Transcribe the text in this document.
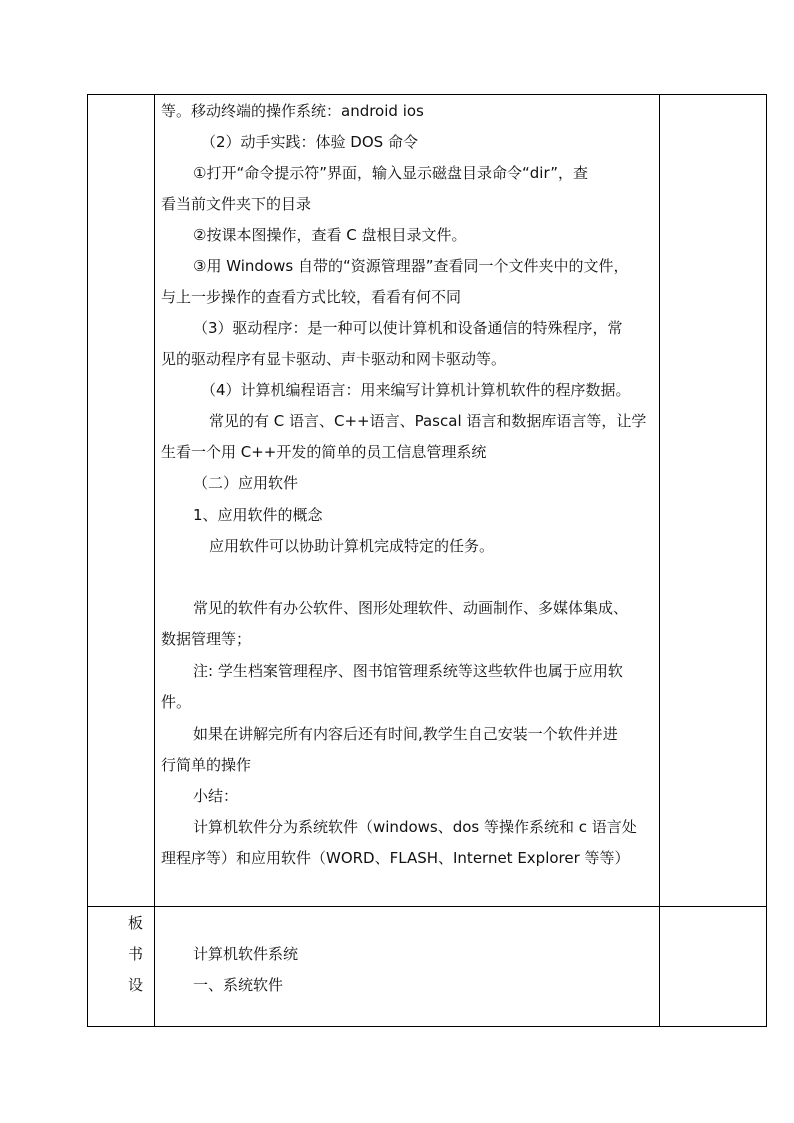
等。移动终端的操作系统：android ios
（2）动手实践：体验 DOS 命令
①打开“命令提示符”界面，输入显示磁盘目录命令“dir”，查
看当前文件夹下的目录
②按课本图操作，查看 C 盘根目录文件。
③用 Windows 自带的“资源管理器”查看同一个文件夹中的文件，
与上一步操作的查看方式比较，看看有何不同
（3）驱动程序：是一种可以使计算机和设备通信的特殊程序，常
见的驱动程序有显卡驱动、声卡驱动和网卡驱动等。
（4）计算机编程语言：用来编写计算机计算机软件的程序数据。
常见的有 C 语言、C++语言、Pascal 语言和数据库语言等，让学
生看一个用 C++开发的简单的员工信息管理系统
（二）应用软件
1、应用软件的概念
应用软件可以协助计算机完成特定的任务。
常见的软件有办公软件、图形处理软件、动画制作、多媒体集成、
数据管理等；
注: 学生档案管理程序、图书馆管理系统等这些软件也属于应用软
件。
如果在讲解完所有内容后还有时间,教学生自己安装一个软件并进
行简单的操作
小结：
计算机软件分为系统软件（windows、dos 等操作系统和 c 语言处
理程序等）和应用软件（WORD、FLASH、Internet Explorer 等等）
板
书
设
计算机软件系统
一、系统软件
